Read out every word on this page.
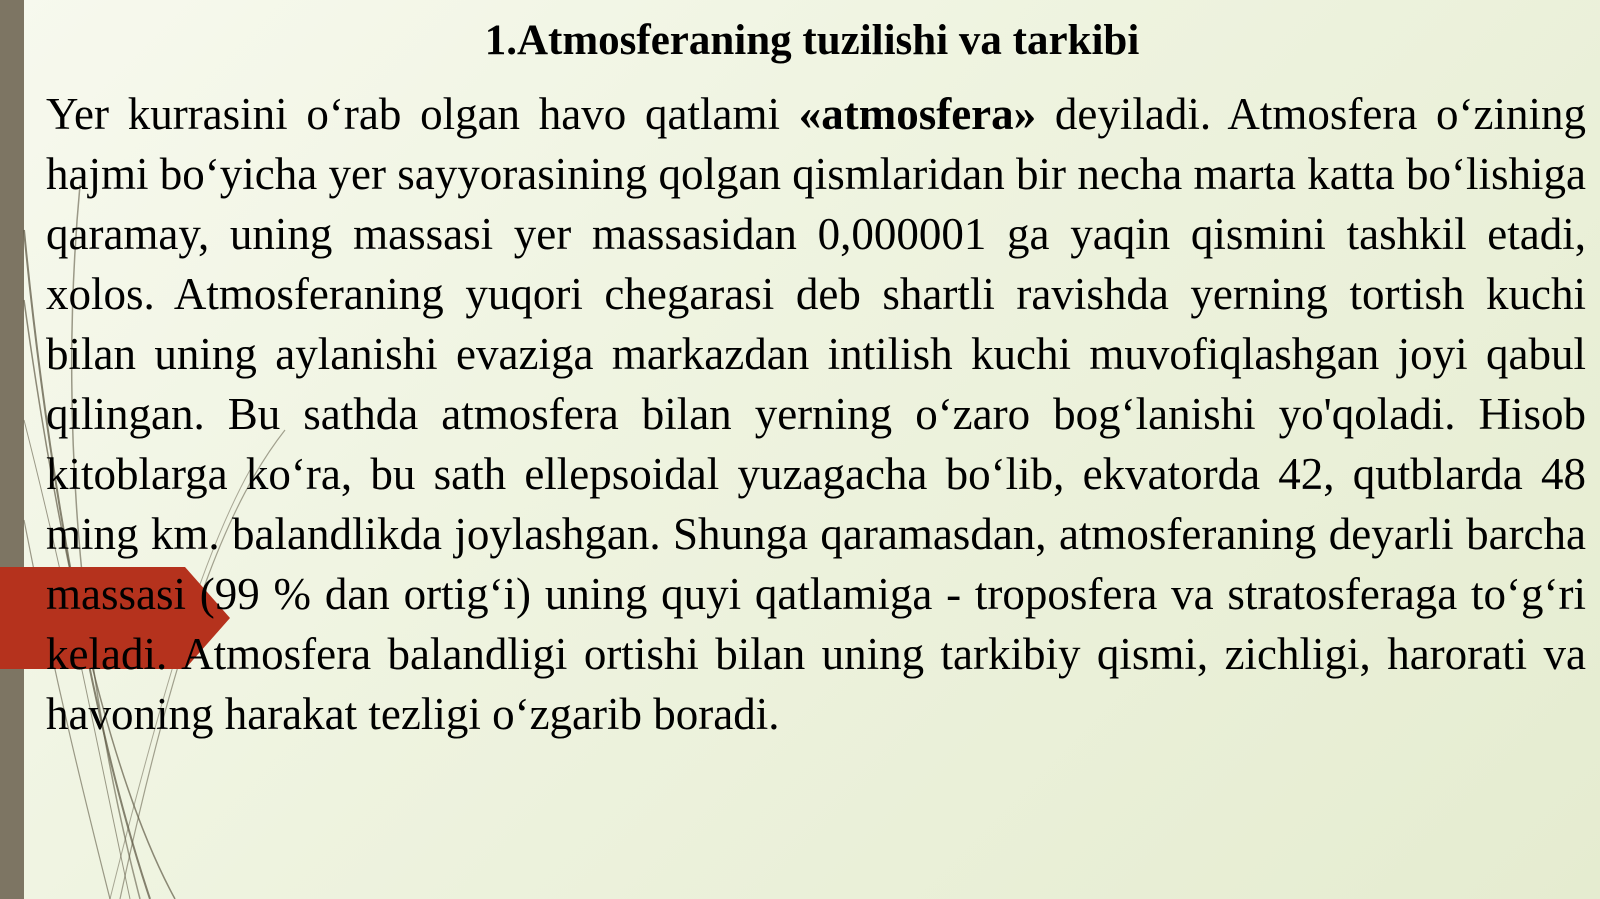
1.Atmosferaning tuzilishi va tarkibi

Yer kurrasini o‘rab olgan havo qatlami «atmosfera» deyiladi. Atmosfera o‘zining hajmi bo‘yicha yer sayyorasining qolgan qismlaridan bir necha marta katta bo‘lishiga qaramay, uning massasi yer massasidan 0,000001 ga yaqin qismini tashkil etadi, xolos. Atmosferaning yuqori chegarasi deb shartli ravishda yerning tortish kuchi bilan uning aylanishi evaziga markazdan intilish kuchi muvofiqlashgan joyi qabul qilingan. Bu sathda atmosfera bilan yerning o‘zaro bog‘lanishi yo'qoladi. Hisob kitoblarga ko‘ra, bu sath ellepsoidal yuzagacha bo‘lib, ekvatorda 42, qutblarda 48 ming km. balandlikda joylashgan. Shunga qaramasdan, atmosferaning deyarli barcha massasi (99 % dan ortig‘i) uning quyi qatlamiga - troposfera va stratosferaga to‘g‘ri keladi. Atmosfera balandligi ortishi bilan uning tarkibiy qismi, zichligi, harorati va havoning harakat tezligi o‘zgarib boradi.
